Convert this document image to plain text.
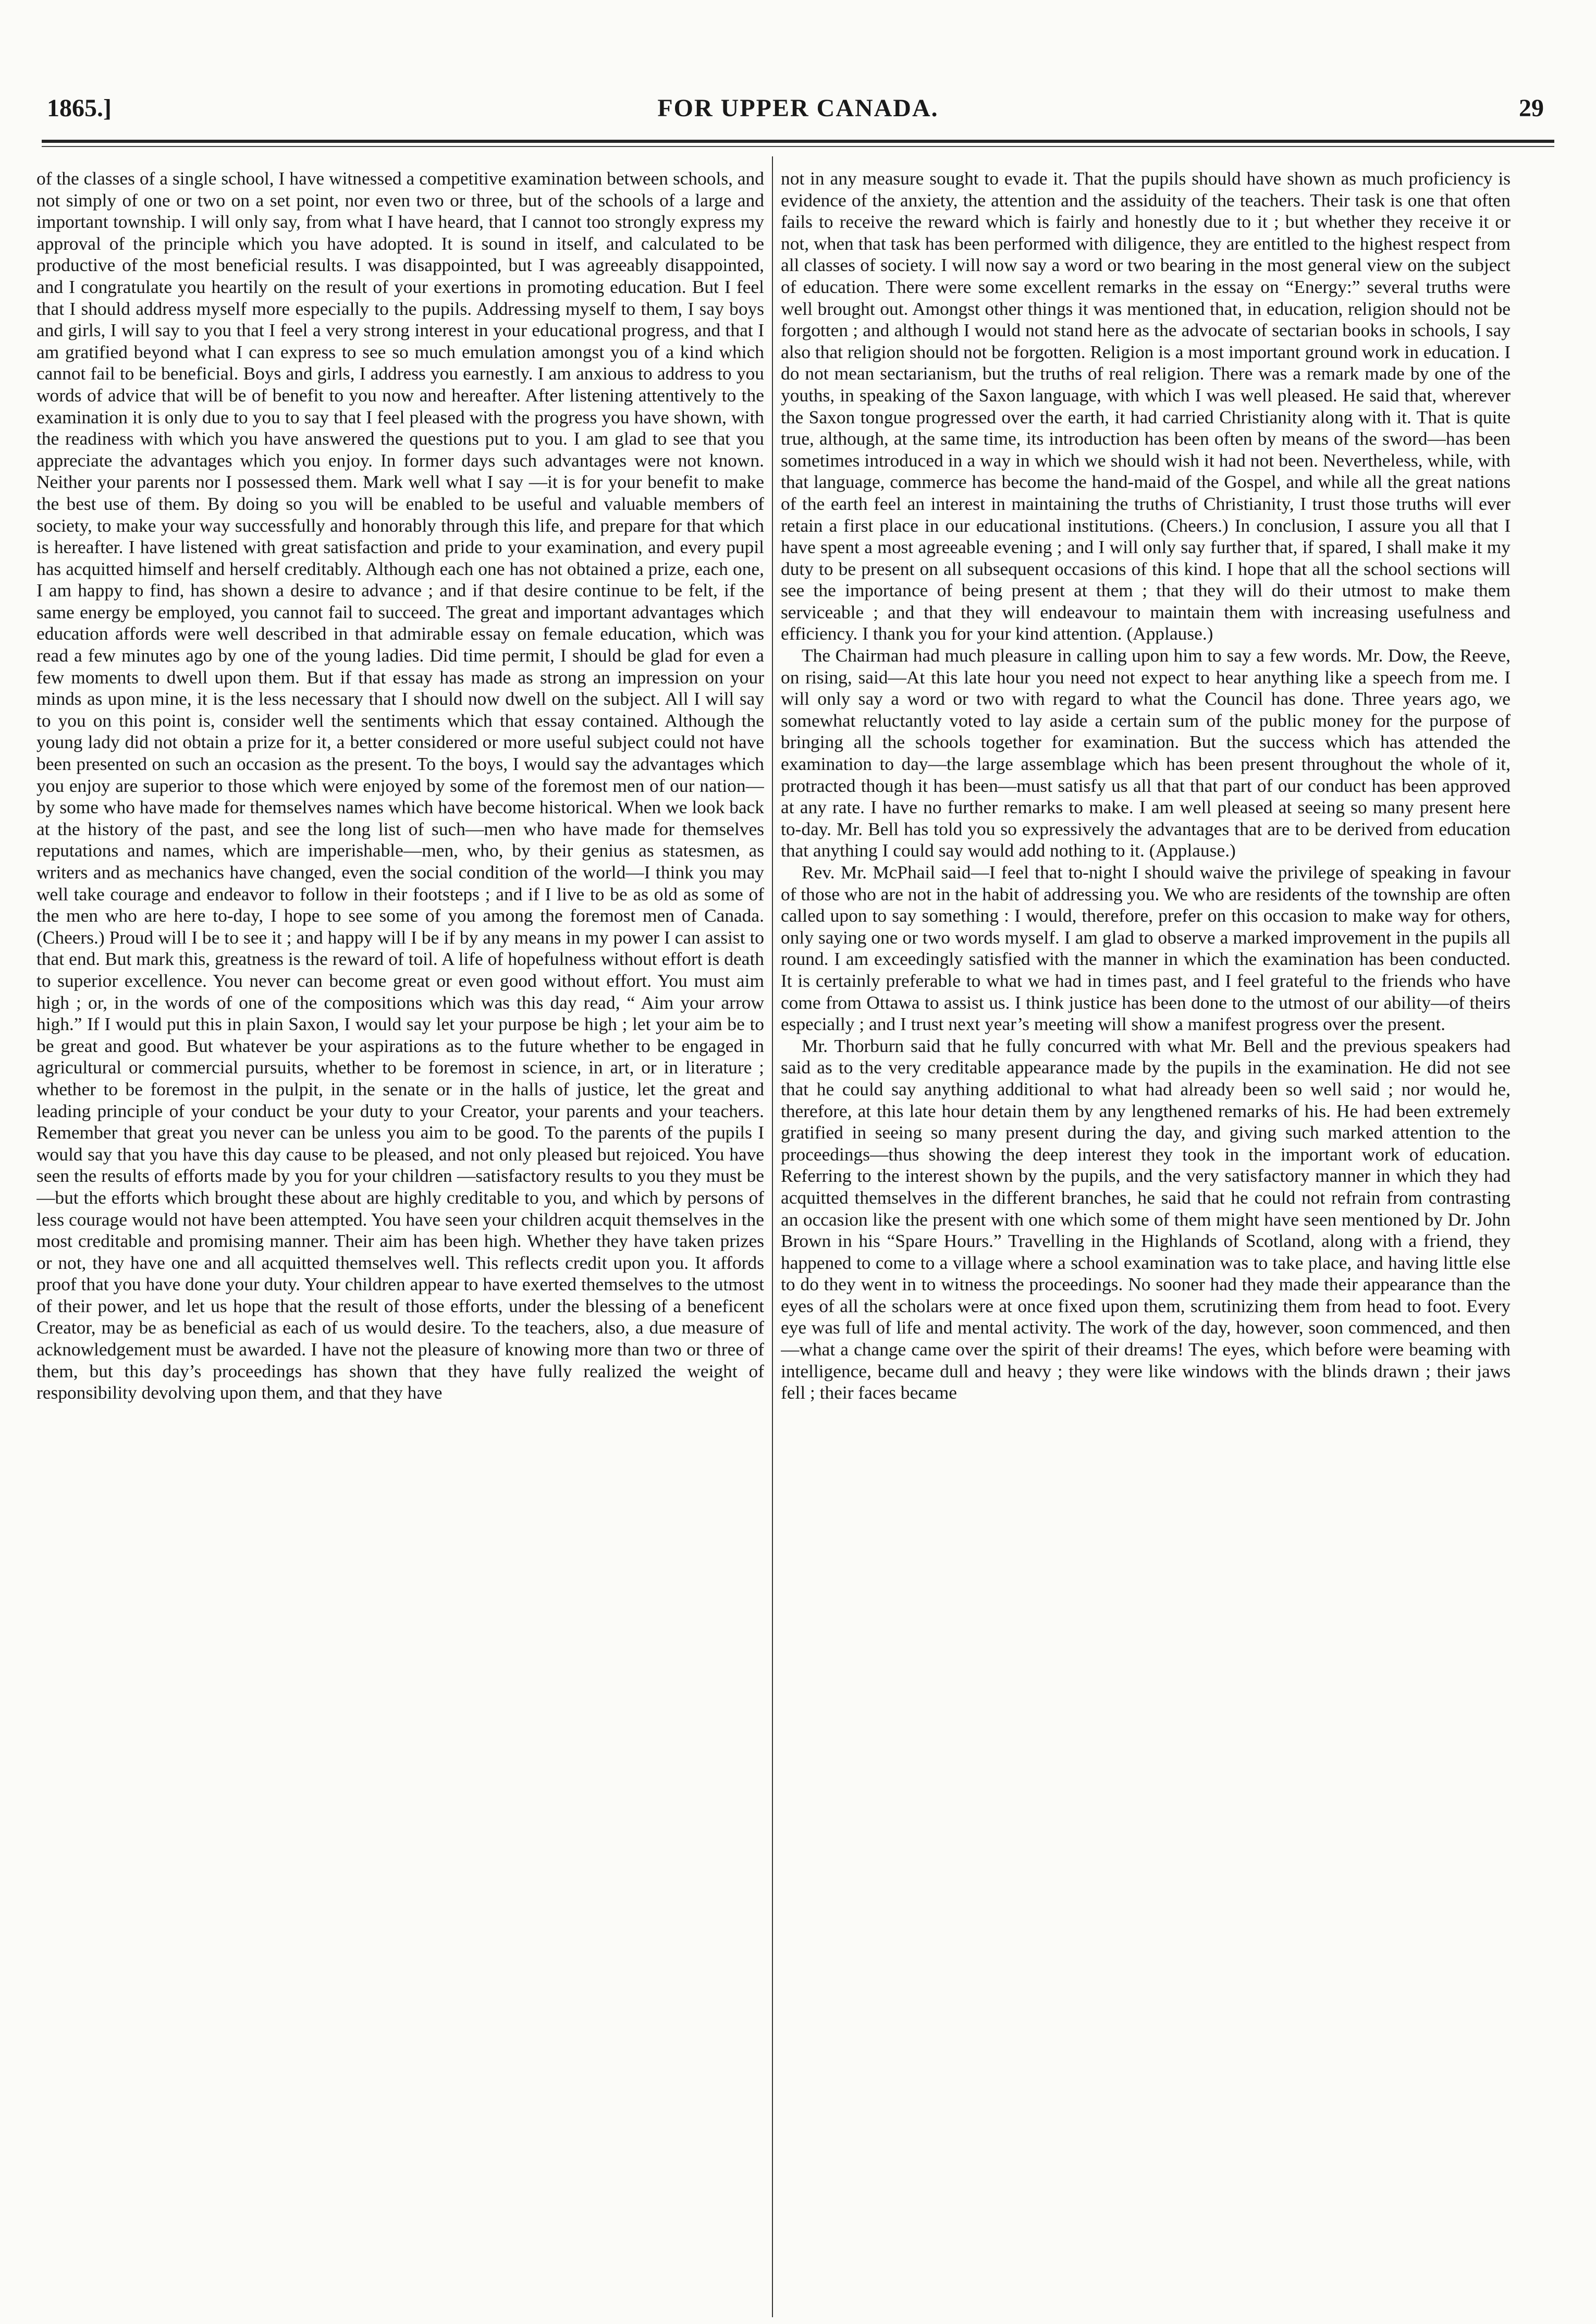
1865.]	FOR UPPER CANADA.	29

of the classes of a single school, I have witnessed a competitive examination between schools, and not simply of one or two on a set point, nor even two or three, but of the schools of a large and important township. I will only say, from what I have heard, that I cannot too strongly express my approval of the principle which you have adopted. It is sound in itself, and calculated to be productive of the most beneficial results. I was disappointed, but I was agreeably disappointed, and I congratulate you heartily on the result of your exertions in promoting education. But I feel that I should address myself more especially to the pupils. Addressing myself to them, I say boys and girls, I will say to you that I feel a very strong interest in your educational progress, and that I am gratified beyond what I can express to see so much emulation amongst you of a kind which cannot fail to be beneficial. Boys and girls, I address you earnestly. I am anxious to address to you words of advice that will be of benefit to you now and hereafter. After listening attentively to the examination it is only due to you to say that I feel pleased with the progress you have shown, with the readiness with which you have answered the questions put to you. I am glad to see that you appreciate the advantages which you enjoy. In former days such advantages were not known. Neither your parents nor I possessed them. Mark well what I say —it is for your benefit to make the best use of them. By doing so you will be enabled to be useful and valuable members of society, to make your way successfully and honorably through this life, and prepare for that which is hereafter. I have listened with great satisfaction and pride to your examination, and every pupil has acquitted himself and herself creditably. Although each one has not obtained a prize, each one, I am happy to find, has shown a desire to advance ; and if that desire continue to be felt, if the same energy be employed, you cannot fail to succeed. The great and important advantages which education affords were well described in that admirable essay on female education, which was read a few minutes ago by one of the young ladies. Did time permit, I should be glad for even a few moments to dwell upon them. But if that essay has made as strong an impression on your minds as upon mine, it is the less necessary that I should now dwell on the subject. All I will say to you on this point is, consider well the sentiments which that essay contained. Although the young lady did not obtain a prize for it, a better considered or more useful subject could not have been presented on such an occasion as the present. To the boys, I would say the advantages which you enjoy are superior to those which were enjoyed by some of the foremost men of our nation—by some who have made for themselves names which have become historical. When we look back at the history of the past, and see the long list of such—men who have made for themselves reputations and names, which are imperishable—men, who, by their genius as statesmen, as writers and as mechanics have changed, even the social condition of the world—I think you may well take courage and endeavor to follow in their footsteps ; and if I live to be as old as some of the men who are here to-day, I hope to see some of you among the foremost men of Canada. (Cheers.) Proud will I be to see it ; and happy will I be if by any means in my power I can assist to that end. But mark this, greatness is the reward of toil. A life of hopefulness without effort is death to superior excellence. You never can become great or even good without effort. You must aim high ; or, in the words of one of the compositions which was this day read, “ Aim your arrow high.” If I would put this in plain Saxon, I would say let your purpose be high ; let your aim be to be great and good. But whatever be your aspirations as to the future whether to be engaged in agricultural or commercial pursuits, whether to be foremost in science, in art, or in literature ; whether to be foremost in the pulpit, in the senate or in the halls of justice, let the great and leading principle of your conduct be your duty to your Creator, your parents and your teachers. Remember that great you never can be unless you aim to be good. To the parents of the pupils I would say that you have this day cause to be pleased, and not only pleased but rejoiced. You have seen the results of efforts made by you for your children —satisfactory results to you they must be—but the efforts which brought these about are highly creditable to you, and which by persons of less courage would not have been attempted. You have seen your children acquit themselves in the most creditable and promising manner. Their aim has been high. Whether they have taken prizes or not, they have one and all acquitted themselves well. This reflects credit upon you. It affords proof that you have done your duty. Your children appear to have exerted themselves to the utmost of their power, and let us hope that the result of those efforts, under the blessing of a beneficent Creator, may be as beneficial as each of us would desire. To the teachers, also, a due measure of acknowledgement must be awarded. I have not the pleasure of knowing more than two or three of them, but this day’s proceedings has shown that they have fully realized the weight of responsibility devolving upon them, and that they have

not in any measure sought to evade it. That the pupils should have shown as much proficiency is evidence of the anxiety, the attention and the assiduity of the teachers. Their task is one that often fails to receive the reward which is fairly and honestly due to it ; but whether they receive it or not, when that task has been performed with diligence, they are entitled to the highest respect from all classes of society. I will now say a word or two bearing in the most general view on the subject of education. There were some excellent remarks in the essay on “Energy:” several truths were well brought out. Amongst other things it was mentioned that, in education, religion should not be forgotten ; and although I would not stand here as the advocate of sectarian books in schools, I say also that religion should not be forgotten. Religion is a most important ground work in education. I do not mean sectarianism, but the truths of real religion. There was a remark made by one of the youths, in speaking of the Saxon language, with which I was well pleased. He said that, wherever the Saxon tongue progressed over the earth, it had carried Christianity along with it. That is quite true, although, at the same time, its introduction has been often by means of the sword—has been sometimes introduced in a way in which we should wish it had not been. Nevertheless, while, with that language, commerce has become the hand-maid of the Gospel, and while all the great nations of the earth feel an interest in maintaining the truths of Christianity, I trust those truths will ever retain a first place in our educational institutions. (Cheers.) In conclusion, I assure you all that I have spent a most agreeable evening ; and I will only say further that, if spared, I shall make it my duty to be present on all subsequent occasions of this kind. I hope that all the school sections will see the importance of being present at them ; that they will do their utmost to make them serviceable ; and that they will endeavour to maintain them with increasing usefulness and efficiency. I thank you for your kind attention. (Applause.)

The Chairman had much pleasure in calling upon him to say a few words. Mr. Dow, the Reeve, on rising, said—At this late hour you need not expect to hear anything like a speech from me. I will only say a word or two with regard to what the Council has done. Three years ago, we somewhat reluctantly voted to lay aside a certain sum of the public money for the purpose of bringing all the schools together for examination. But the success which has attended the examination to day—the large assemblage which has been present throughout the whole of it, protracted though it has been—must satisfy us all that that part of our conduct has been approved at any rate. I have no further remarks to make. I am well pleased at seeing so many present here to-day. Mr. Bell has told you so expressively the advantages that are to be derived from education that anything I could say would add nothing to it. (Applause.)

Rev. Mr. McPhail said—I feel that to-night I should waive the privilege of speaking in favour of those who are not in the habit of addressing you. We who are residents of the township are often called upon to say something : I would, therefore, prefer on this occasion to make way for others, only saying one or two words myself. I am glad to observe a marked improvement in the pupils all round. I am exceedingly satisfied with the manner in which the examination has been conducted. It is certainly preferable to what we had in times past, and I feel grateful to the friends who have come from Ottawa to assist us. I think justice has been done to the utmost of our ability—of theirs especially ; and I trust next year’s meeting will show a manifest progress over the present.

Mr. Thorburn said that he fully concurred with what Mr. Bell and the previous speakers had said as to the very creditable appearance made by the pupils in the examination. He did not see that he could say anything additional to what had already been so well said ; nor would he, therefore, at this late hour detain them by any lengthened remarks of his. He had been extremely gratified in seeing so many present during the day, and giving such marked attention to the proceedings—thus showing the deep interest they took in the important work of education. Referring to the interest shown by the pupils, and the very satisfactory manner in which they had acquitted themselves in the different branches, he said that he could not refrain from contrasting an occasion like the present with one which some of them might have seen mentioned by Dr. John Brown in his “Spare Hours.” Travelling in the Highlands of Scotland, along with a friend, they happened to come to a village where a school examination was to take place, and having little else to do they went in to witness the proceedings. No sooner had they made their appearance than the eyes of all the scholars were at once fixed upon them, scrutinizing them from head to foot. Every eye was full of life and mental activity. The work of the day, however, soon commenced, and then—what a change came over the spirit of their dreams! The eyes, which before were beaming with intelligence, became dull and heavy ; they were like windows with the blinds drawn ; their jaws fell ; their faces became
